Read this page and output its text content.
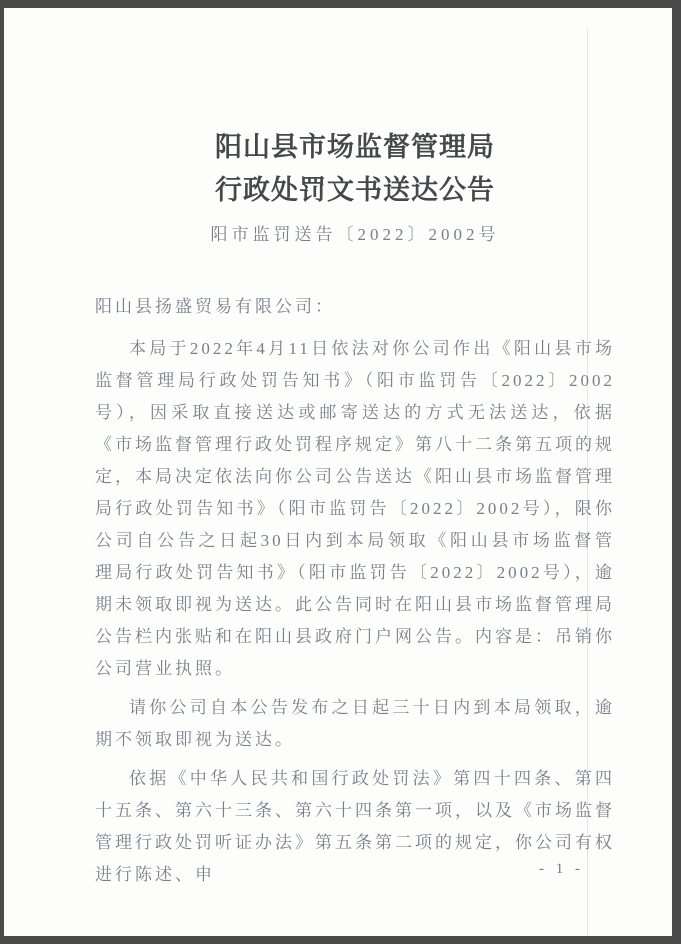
阳山县市场监督管理局
行政处罚文书送达公告
阳市监罚送告〔2022〕2002号

阳山县扬盛贸易有限公司：

本局于2022年4月11日依法对你公司作出《阳山县市场监督管理局行政处罚告知书》（阳市监罚告〔2022〕2002号），因采取直接送达或邮寄送达的方式无法送达，依据《市场监督管理行政处罚程序规定》第八十二条第五项的规定，本局决定依法向你公司公告送达《阳山县市场监督管理局行政处罚告知书》（阳市监罚告〔2022〕2002号），限你公司自公告之日起30日内到本局领取《阳山县市场监督管理局行政处罚告知书》（阳市监罚告〔2022〕2002号），逾期未领取即视为送达。此公告同时在阳山县市场监督管理局公告栏内张贴和在阳山县政府门户网公告。内容是：吊销你公司营业执照。

请你公司自本公告发布之日起三十日内到本局领取，逾期不领取即视为送达。

依据《中华人民共和国行政处罚法》第四十四条、第四十五条、第六十三条、第六十四条第一项，以及《市场监督管理行政处罚听证办法》第五条第二项的规定，你公司有权进行陈述、申	- 1 -
